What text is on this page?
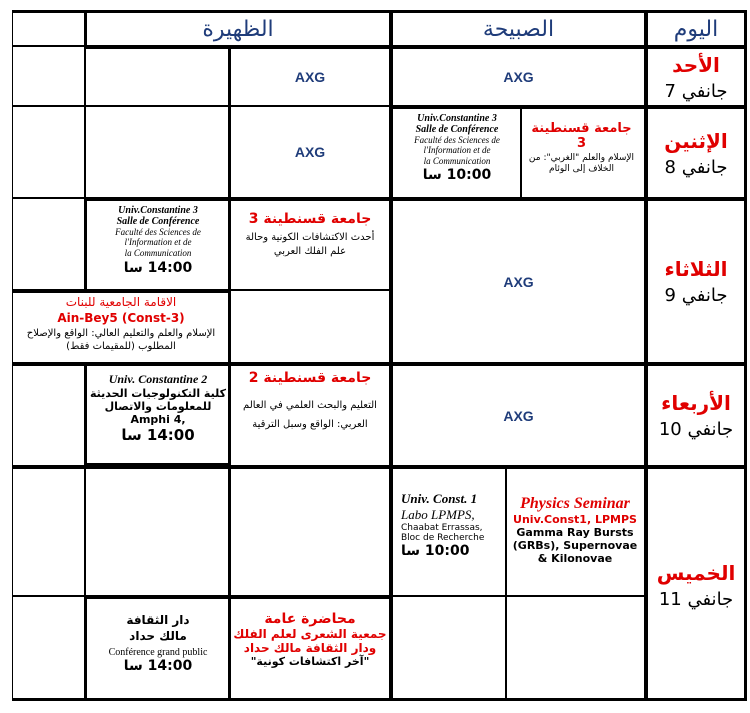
اليوم
الصبيحة
الظهيرة
الأحد
7 جانفي
AXG
AXG
الإثنين
8 جانفي
جامعة قسنطينة 3
الإسلام والعلم "الغربي": من الخلاف إلى الوئام
Univ.Constantine 3
Salle de Conférence
Faculté des Sciences de
l'Information et de
la Communication
10:00 سا
AXG
الثلاثاء
9 جانفي
AXG
جامعة قسنطينة 3
أحدث الاكتشافات الكونية وحالة علم الفلك العربي
Univ.Constantine 3
Salle de Conférence
Faculté des Sciences de
l'Information et de
la Communication
14:00 سا
الاقامة الجامعية للبنات
Ain-Bey5 (Const-3)
الإسلام والعلم والتعليم العالي: الواقع والإصلاح المطلوب (للمقيمات فقط)
الأربعاء
10 جانفي
AXG
جامعة قسنطينة 2
التعليم والبحث العلمي في العالم
العربي: الواقع وسبل الترقية
Univ. Constantine 2
كلية التكنولوجيات الحديثة
للمعلومات والاتصال
Amphi 4,
14:00 سا
الخميس
11 جانفي
Physics Seminar
Univ.Const1, LPMPS
Gamma Ray Bursts (GRBs), Supernovae & Kilonovae
Univ. Const. 1
Labo LPMPS,
Chaabat Errassas,
Bloc de Recherche
10:00 سا
محاضرة عامة
جمعية الشعرى لعلم الفلك
ودار الثقافة مالك حداد
"آخر اكتشافات كونية"
دار الثقافة
مالك حداد
Conférence grand public
14:00 سا
